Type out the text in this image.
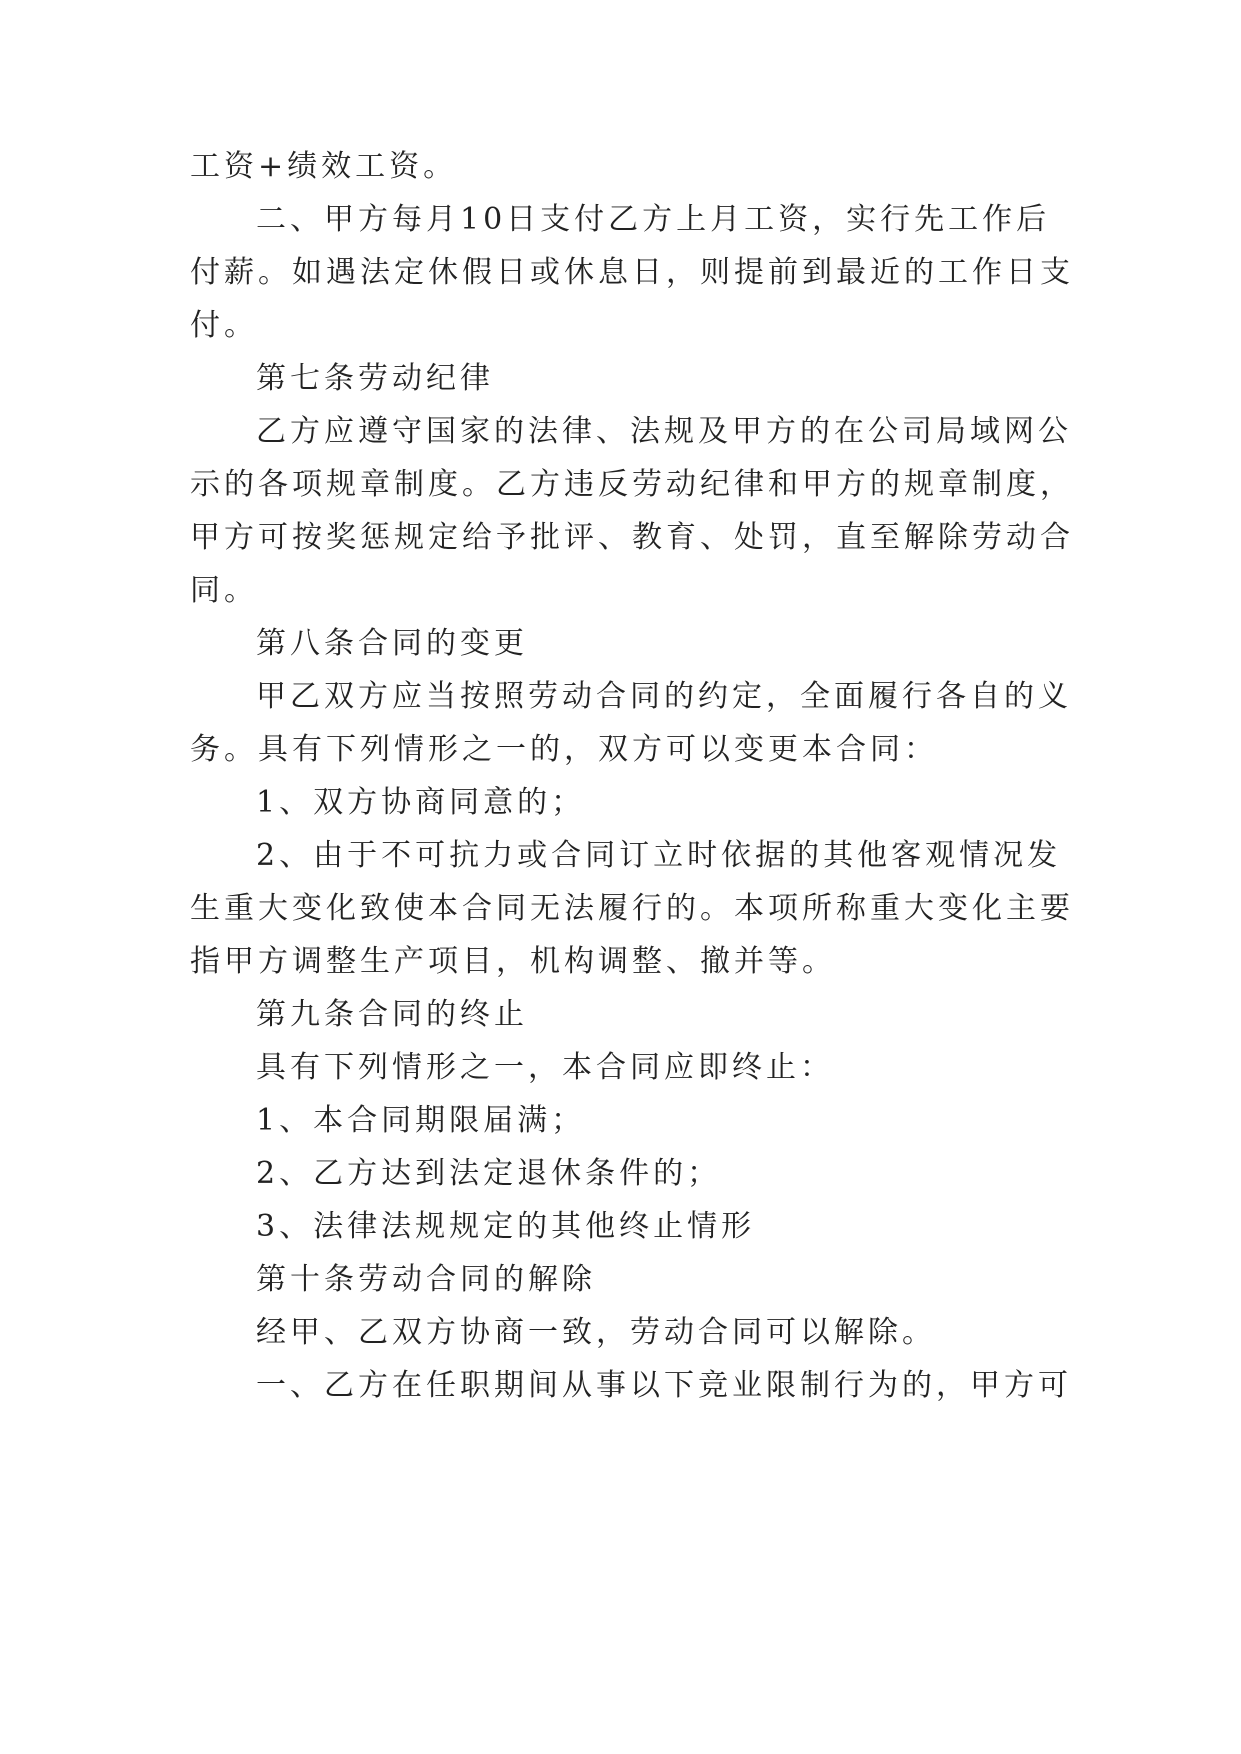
工资+绩效工资。
二、甲方每月10日支付乙方上月工资，实行先工作后
付薪。如遇法定休假日或休息日，则提前到最近的工作日支
付。
第七条劳动纪律
乙方应遵守国家的法律、法规及甲方的在公司局域网公
示的各项规章制度。乙方违反劳动纪律和甲方的规章制度，
甲方可按奖惩规定给予批评、教育、处罚，直至解除劳动合
同。
第八条合同的变更
甲乙双方应当按照劳动合同的约定，全面履行各自的义
务。具有下列情形之一的，双方可以变更本合同：
1、双方协商同意的；
2、由于不可抗力或合同订立时依据的其他客观情况发
生重大变化致使本合同无法履行的。本项所称重大变化主要
指甲方调整生产项目，机构调整、撤并等。
第九条合同的终止
具有下列情形之一，本合同应即终止：
1、本合同期限届满；
2、乙方达到法定退休条件的；
3、法律法规规定的其他终止情形
第十条劳动合同的解除
经甲、乙双方协商一致，劳动合同可以解除。
一、乙方在任职期间从事以下竞业限制行为的，甲方可
